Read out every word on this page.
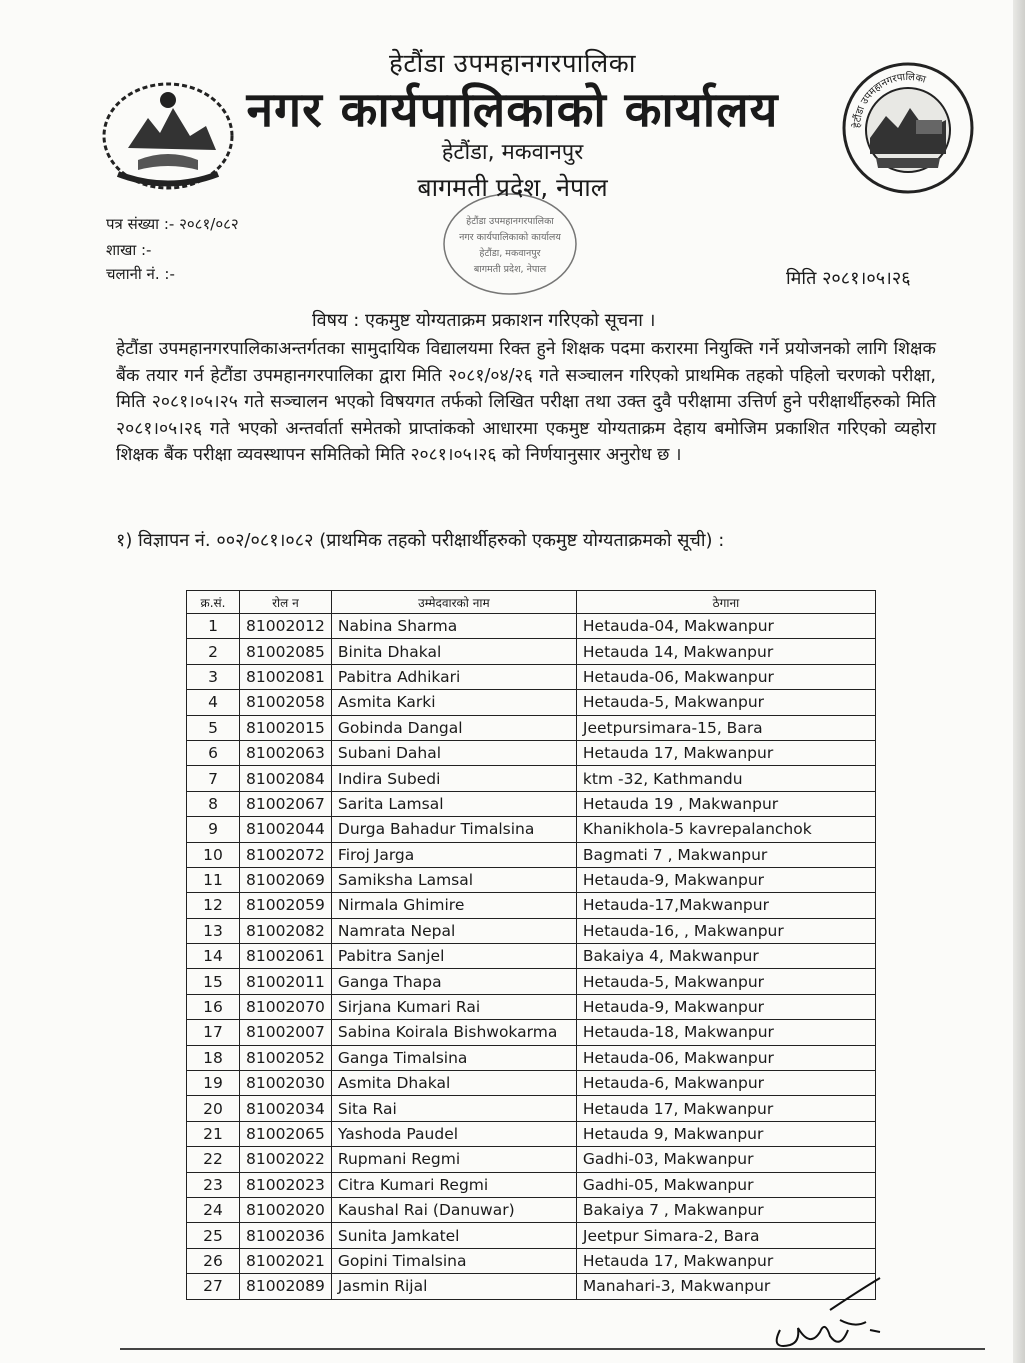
हेटौंडा उपमहानगरपालिका
हेटौंडा उपमहानगरपालिका
नगर कार्यपालिकाको कार्यालय
हेटौंडा, मकवानपुर
बागमती प्रदेश, नेपाल
हेटौंडा उपमहानगरपालिका
नगर कार्यपालिकाको कार्यालय
हेटौंडा, मकवानपुर
बागमती प्रदेश, नेपाल
पत्र संख्या :- २०८१/०८२
शाखा :-
चलानी नं. :-	मिति २०८१।०५।२६
विषय : एकमुष्ट योग्यताक्रम प्रकाशन गरिएको सूचना ।
हेटौंडा उपमहानगरपालिकाअन्तर्गतका सामुदायिक विद्यालयमा रिक्त हुने शिक्षक पदमा करारमा नियुक्ति गर्ने प्रयोजनको लागि शिक्षक बैंक तयार गर्न हेटौंडा उपमहानगरपालिका द्वारा मिति २०८१/०४/२६ गते सञ्चालन गरिएको प्राथमिक तहको पहिलो चरणको परीक्षा, मिति २०८१।०५।२५ गते सञ्चालन भएको विषयगत तर्फको लिखित परीक्षा तथा उक्त दुवै परीक्षामा उत्तिर्ण हुने परीक्षार्थीहरुको मिति २०८१।०५।२६ गते भएको अन्तर्वार्ता समेतको प्राप्तांकको आधारमा एकमुष्ट योग्यताक्रम देहाय बमोजिम प्रकाशित गरिएको व्यहोरा शिक्षक बैंक परीक्षा व्यवस्थापन समितिको मिति २०८१।०५।२६ को निर्णयानुसार अनुरोध छ ।
१) विज्ञापन नं. ००२/०८१।०८२ (प्राथमिक तहको परीक्षार्थीहरुको एकमुष्ट योग्यताक्रमको सूची) :
क्र.सं.	रोल न	उम्मेदवारको नाम	ठेगाना
1	81002012	Nabina Sharma	Hetauda-04, Makwanpur
2	81002085	Binita Dhakal	Hetauda 14, Makwanpur
3	81002081	Pabitra Adhikari	Hetauda-06, Makwanpur
4	81002058	Asmita Karki	Hetauda-5, Makwanpur
5	81002015	Gobinda Dangal	Jeetpursimara-15, Bara
6	81002063	Subani Dahal	Hetauda 17, Makwanpur
7	81002084	Indira Subedi	ktm -32, Kathmandu
8	81002067	Sarita Lamsal	Hetauda 19 , Makwanpur
9	81002044	Durga Bahadur Timalsina	Khanikhola-5 kavrepalanchok
10	81002072	Firoj Jarga	Bagmati 7 , Makwanpur
11	81002069	Samiksha Lamsal	Hetauda-9, Makwanpur
12	81002059	Nirmala Ghimire	Hetauda-17,Makwanpur
13	81002082	Namrata Nepal	Hetauda-16, , Makwanpur
14	81002061	Pabitra Sanjel	Bakaiya 4, Makwanpur
15	81002011	Ganga Thapa	Hetauda-5, Makwanpur
16	81002070	Sirjana Kumari Rai	Hetauda-9, Makwanpur
17	81002007	Sabina Koirala Bishwokarma	Hetauda-18, Makwanpur
18	81002052	Ganga Timalsina	Hetauda-06, Makwanpur
19	81002030	Asmita Dhakal	Hetauda-6, Makwanpur
20	81002034	Sita Rai	Hetauda 17, Makwanpur
21	81002065	Yashoda Paudel	Hetauda 9, Makwanpur
22	81002022	Rupmani Regmi	Gadhi-03, Makwanpur
23	81002023	Citra Kumari Regmi	Gadhi-05, Makwanpur
24	81002020	Kaushal Rai (Danuwar)	Bakaiya 7 , Makwanpur
25	81002036	Sunita Jamkatel	Jeetpur Simara-2, Bara
26	81002021	Gopini Timalsina	Hetauda 17, Makwanpur
27	81002089	Jasmin Rijal	Manahari-3, Makwanpur
